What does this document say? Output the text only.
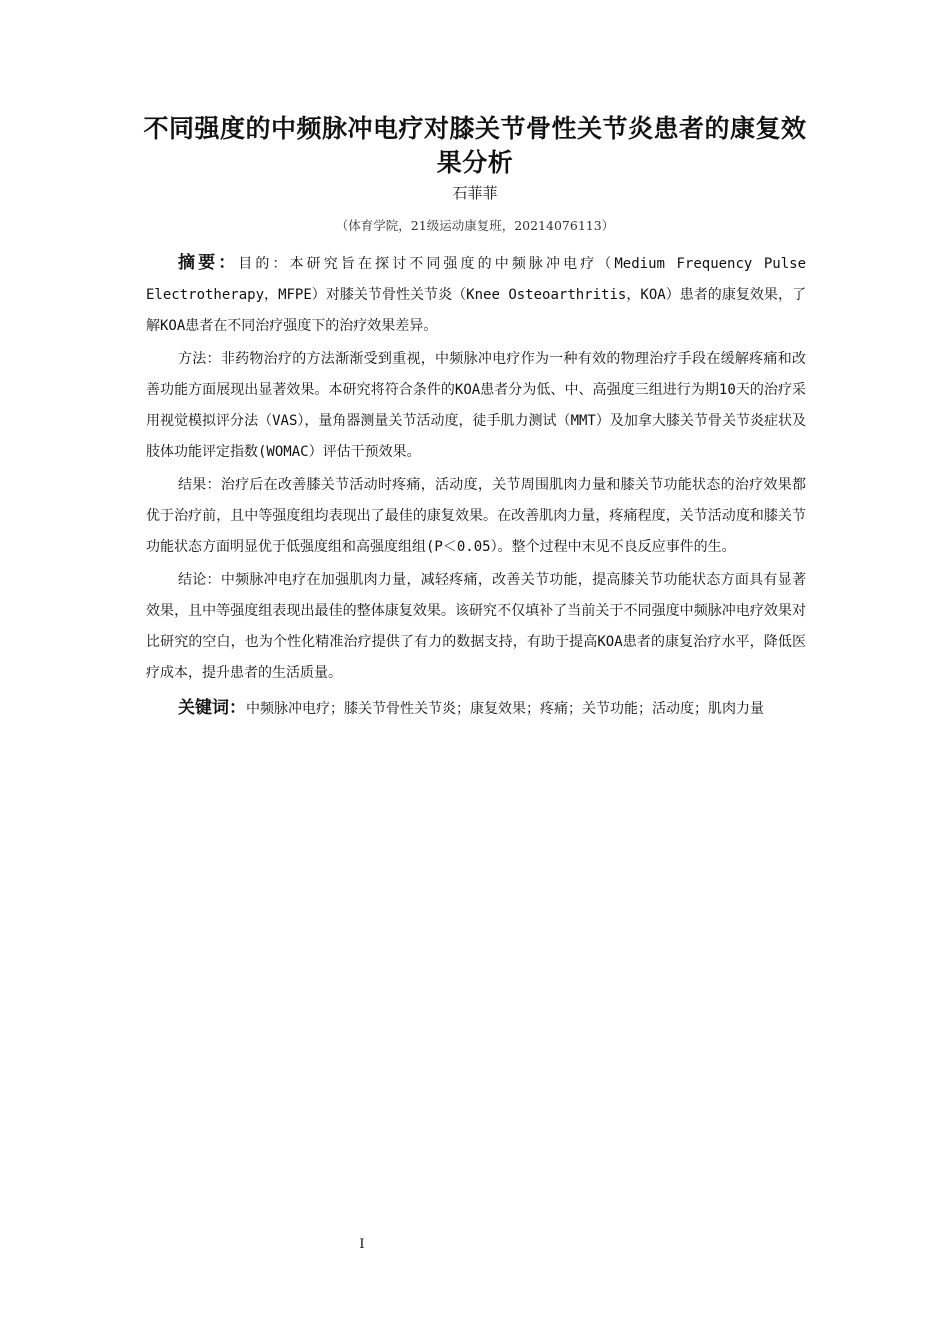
不同强度的中频脉冲电疗对膝关节骨性关节炎患者的康复效果分析

石菲菲

（体育学院，21级运动康复班，20214076113）

摘要：目的：本研究旨在探讨不同强度的中频脉冲电疗（Medium Frequency Pulse Electrotherapy，MFPE）对膝关节骨性关节炎（Knee Osteoarthritis，KOA）患者的康复效果，了解KOA患者在不同治疗强度下的治疗效果差异。

方法：非药物治疗的方法渐渐受到重视，中频脉冲电疗作为一种有效的物理治疗手段在缓解疼痛和改善功能方面展现出显著效果。本研究将符合条件的KOA患者分为低、中、高强度三组进行为期10天的治疗采用视觉模拟评分法（VAS），量角器测量关节活动度，徒手肌力测试（MMT）及加拿大膝关节骨关节炎症状及肢体功能评定指数(WOMAC）评估干预效果。

结果：治疗后在改善膝关节活动时疼痛，活动度，关节周围肌肉力量和膝关节功能状态的治疗效果都优于治疗前，且中等强度组均表现出了最佳的康复效果。在改善肌肉力量，疼痛程度，关节活动度和膝关节功能状态方面明显优于低强度组和高强度组组(P＜0.05）。整个过程中末见不良反应事件的生。

结论：中频脉冲电疗在加强肌肉力量，减轻疼痛，改善关节功能，提高膝关节功能状态方面具有显著效果，且中等强度组表现出最佳的整体康复效果。该研究不仅填补了当前关于不同强度中频脉冲电疗效果对比研究的空白，也为个性化精准治疗提供了有力的数据支持，有助于提高KOA患者的康复治疗水平，降低医疗成本，提升患者的生活质量。

关键词：中频脉冲电疗；膝关节骨性关节炎；康复效果；疼痛；关节功能；活动度；肌肉力量

I
